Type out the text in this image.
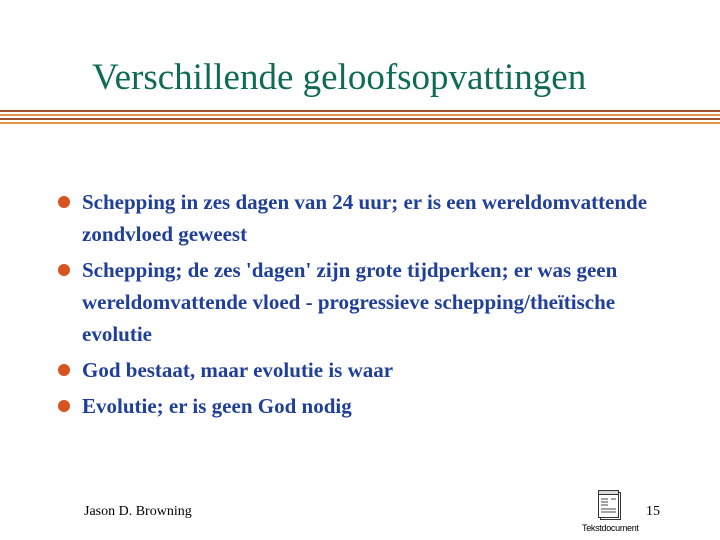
Verschillende geloofsopvattingen
Schepping in zes dagen van 24 uur; er is een wereldomvattende zondvloed geweest
Schepping; de zes 'dagen' zijn grote tijdperken; er was geen wereldomvattende vloed - progressieve schepping/theïtische evolutie
God bestaat, maar evolutie is waar
Evolutie; er is geen God nodig
Jason D. Browning
Tekstdocument
15
